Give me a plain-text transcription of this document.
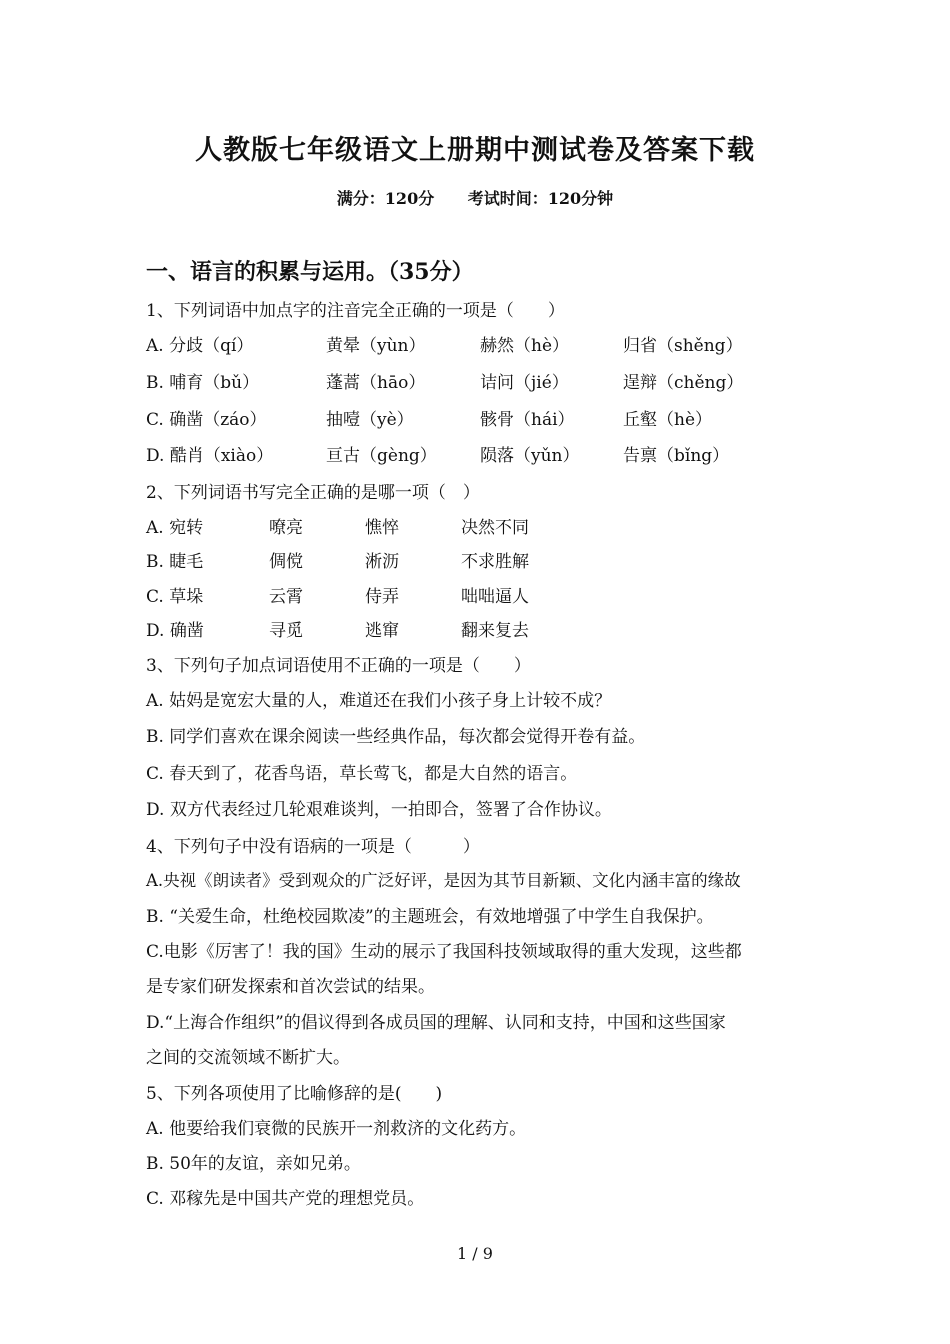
人教版七年级语文上册期中测试卷及答案下载
满分：120分 考试时间：120分钟
一、语言的积累与运用。（35分）
1、下列词语中加点字的注音完全正确的一项是（　　）
A. 分歧（qí）	黄晕（yùn）	赫然（hè）	归省（shěng）
B. 哺育（bǔ）	蓬蒿（hāo）	诘问（jié）	逞辩（chěng）
C. 确凿（záo）	抽噎（yè）	骸骨（hái）	丘壑（hè）
D. 酷肖（xiào）	亘古（gèng）	陨落（yǔn）	告禀（bǐng）
2、下列词语书写完全正确的是哪一项（　）
A. 宛转	嘹亮	憔悴	决然不同
B. 睫毛	倜傥	淅沥	不求胜解
C. 草垛	云霄	侍弄	咄咄逼人
D. 确凿	寻觅	逃窜	翻来复去
3、下列句子加点词语使用不正确的一项是（　　）
A. 姑妈是宽宏大量的人，难道还在我们小孩子身上计较不成？
B. 同学们喜欢在课余阅读一些经典作品，每次都会觉得开卷有益。
C. 春天到了，花香鸟语，草长莺飞，都是大自然的语言。
D. 双方代表经过几轮艰难谈判，一拍即合，签署了合作协议。
4、下列句子中没有语病的一项是（　　　）
A.央视《朗读者》受到观众的广泛好评，是因为其节目新颖、文化内涵丰富的缘故
B. “关爱生命，杜绝校园欺凌”的主题班会，有效地增强了中学生自我保护。
C.电影《厉害了！我的国》生动的展示了我国科技领域取得的重大发现，这些都
是专家们研发探索和首次尝试的结果。
D.“上海合作组织”的倡议得到各成员国的理解、认同和支持，中国和这些国家
之间的交流领域不断扩大。
5、下列各项使用了比喻修辞的是(　　)
A. 他要给我们衰微的民族开一剂救济的文化药方。
B. 50年的友谊，亲如兄弟。
C. 邓稼先是中国共产党的理想党员。
1 / 9
